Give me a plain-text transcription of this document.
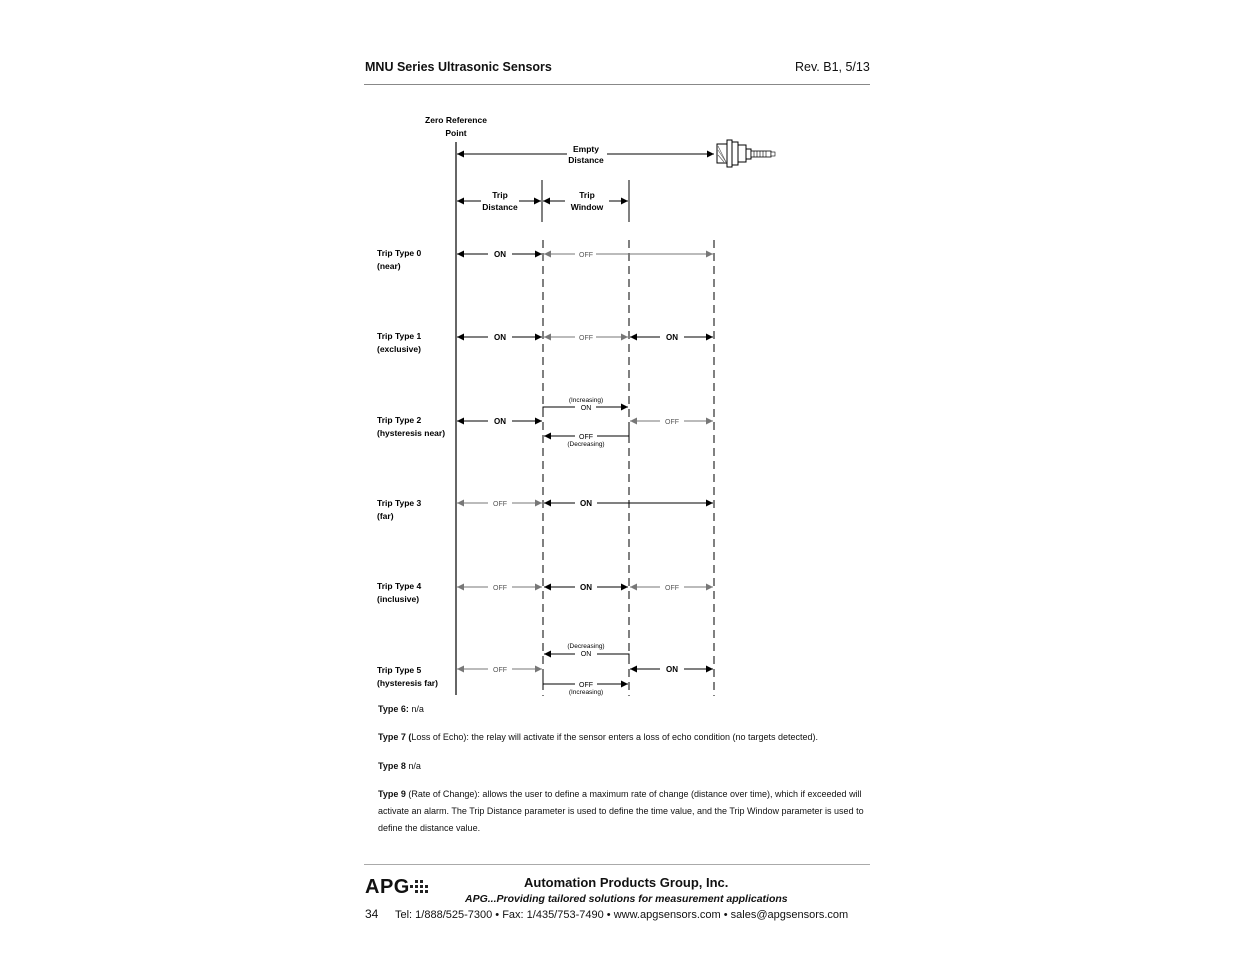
MNU Series Ultrasonic Sensors	Rev. B1, 5/13
Zero Reference
Point
Empty
Distance
Trip
Distance
Trip
Window
Trip Type 0
(near)
Trip Type 1
(exclusive)
Trip Type 2
(hysteresis near)
Trip Type 3
(far)
Trip Type 4
(inclusive)
Trip Type 5
(hysteresis far)
ON	OFF
ON	OFF	ON
ON
(Increasing)
ON
OFF
(Decreasing)
OFF
OFF	ON
OFF	ON	OFF
OFF
(Decreasing)
ON
OFF
(Increasing)
ON
Type 6: n/a
Type 7 (Loss of Echo): the relay will activate if the sensor enters a loss of echo condition (no targets detected).
Type 8 n/a
Type 9 (Rate of Change): allows the user to define a maximum rate of change (distance over time), which if exceeded will activate an alarm. The Trip Distance parameter is used to define the time value, and the Trip Window parameter is used to define the distance value.
APG	Automation Products Group, Inc.
APG...Providing tailored solutions for measurement applications
34 Tel: 1/888/525-7300 • Fax: 1/435/753-7490 • www.apgsensors.com • sales@apgsensors.com
